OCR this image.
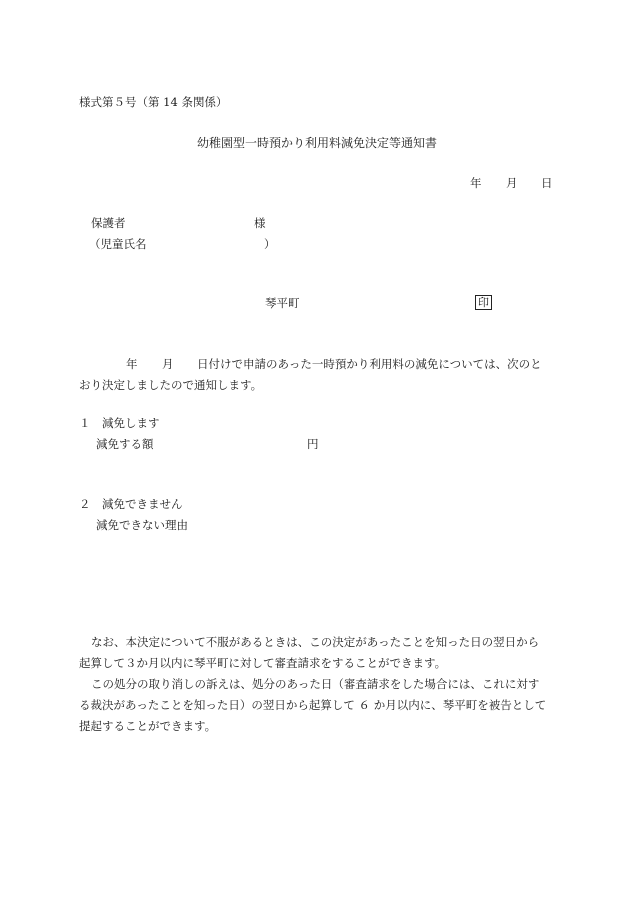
様式第５号（第 14 条関係）
幼稚園型一時預かり利用料減免決定等通知書
年 月 日
保護者	様
（児童氏名	）
琴平町	印
年 月 日付けで申請のあった一時預かり利用料の減免については、次のと
おり決定しましたので通知します。
１　減免します
減免する額	円
２　減免できません
減免できない理由
なお、本決定について不服があるときは、この決定があったことを知った日の翌日から
起算して３か月以内に琴平町に対して審査請求をすることができます。
この処分の取り消しの訴えは、処分のあった日（審査請求をした場合には、これに対す
る裁決があったことを知った日）の翌日から起算して ６ か月以内に、琴平町を被告として
提起することができます。
